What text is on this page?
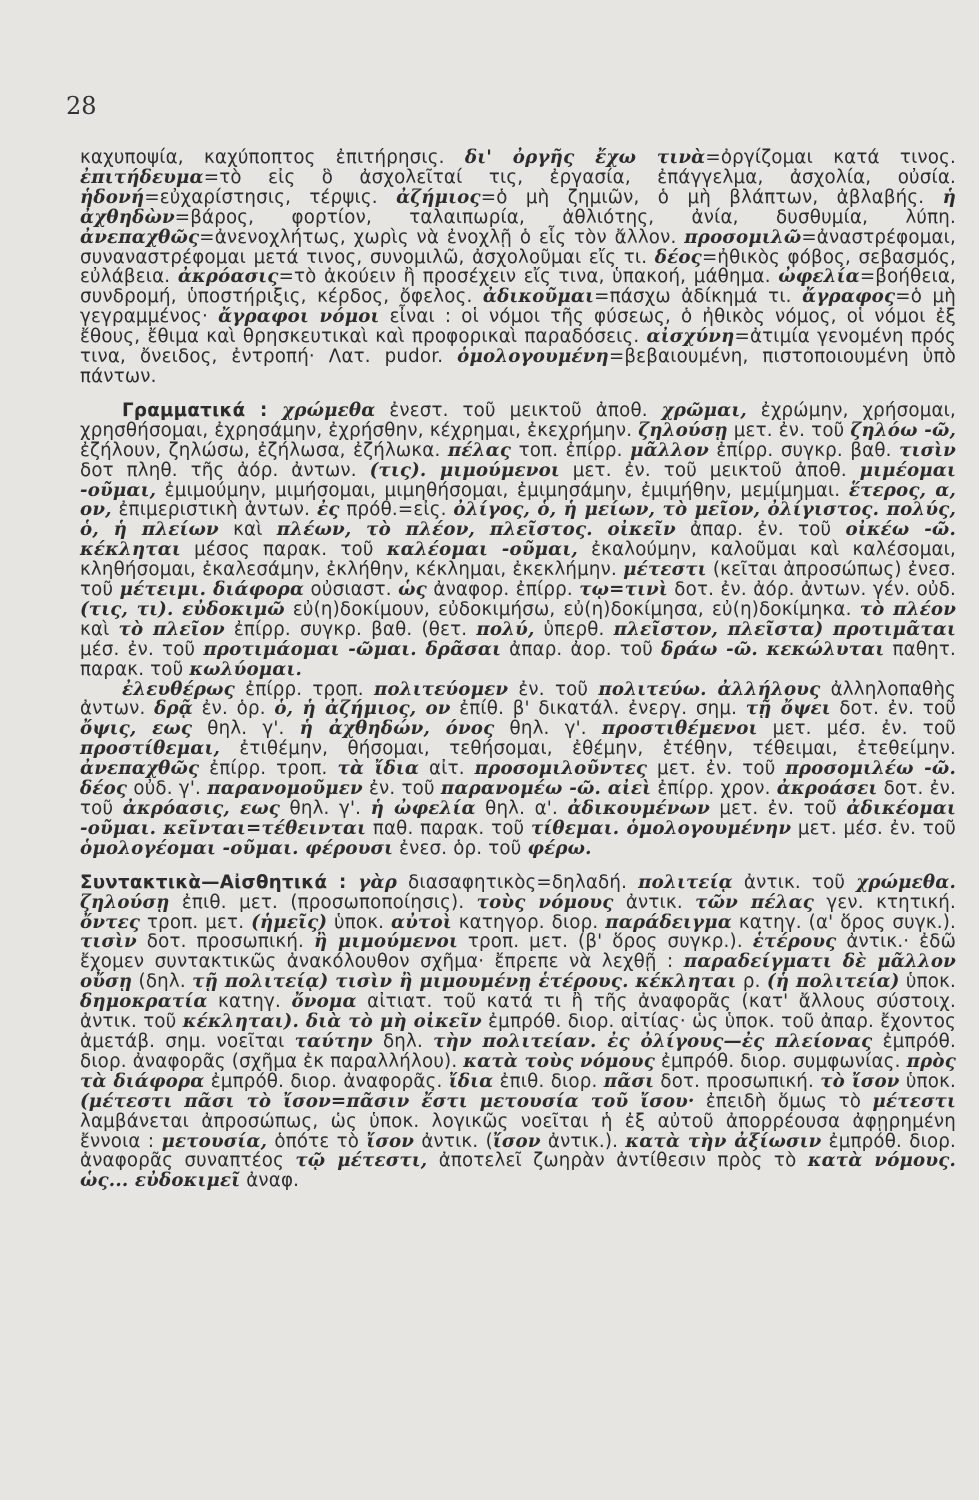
28

καχυποψία, καχύποπτος ἐπιτήρησις. δι' ὀργῆς ἔχω τινὰ=ὀργίζομαι κατά τινος. ἐπιτήδευμα=τὸ εἰς ὃ ἀσχολεῖταί τις, ἐργασία, ἐπάγγελμα, ἀσχολία, οὐσία. ἡδονή=εὐχαρίστησις, τέρψις. ἀζήμιος=ὁ μὴ ζημιῶν, ὁ μὴ βλάπτων, ἀβλαβής. ἡ ἀχθηδὼν=βάρος, φορτίον, ταλαιπωρία, ἀθλιότης, ἀνία, δυσθυμία, λύπη. ἀνεπαχθῶς=ἀνενοχλήτως, χωρὶς νὰ ἐνοχλῇ ὁ εἷς τὸν ἄλλον. προσομιλῶ=ἀναστρέφομαι, συναναστρέφομαι μετά τινος, συνομιλῶ, ἀσχολοῦμαι εἴς τι. δέος=ἠθικὸς φόβος, σεβασμός, εὐλάβεια. ἀκρόασις=τὸ ἀκούειν ἢ προσέχειν εἴς τινα, ὑπακοή, μάθημα. ὠφελία=βοήθεια, συνδρομή, ὑποστήριξις, κέρδος, ὄφελος. ἀδικοῦμαι=πάσχω ἀδίκημά τι. ἄγραφος=ὁ μὴ γεγραμμένος· ἄγραφοι νόμοι εἶναι : οἱ νόμοι τῆς φύσεως, ὁ ἠθικὸς νόμος, οἱ νόμοι ἐξ ἔθους, ἔθιμα καὶ θρησκευτικαὶ καὶ προφορικαὶ παραδόσεις. αἰσχύνη=ἀτιμία γενομένη πρός τινα, ὄνειδος, ἐντροπή· Λατ. pudor. ὁμολογουμένη=βεβαιουμένη, πιστοποιουμένη ὑπὸ πάντων.

Γραμματικά : χρώμεθα ἐνεστ. τοῦ μεικτοῦ ἀποθ. χρῶμαι, ἐχρώμην, χρήσομαι, χρησθήσομαι, ἐχρησάμην, ἐχρήσθην, κέχρημαι, ἐκεχρήμην. ζηλούσῃ μετ. ἐν. τοῦ ζηλόω -ῶ, ἐζήλουν, ζηλώσω, ἐζήλωσα, ἐζήλωκα. πέλας τοπ. ἐπίρρ. μᾶλλον ἐπίρρ. συγκρ. βαθ. τισὶν δοτ πληθ. τῆς ἀόρ. ἀντων. (τις). μιμούμενοι μετ. ἐν. τοῦ μεικτοῦ ἀποθ. μιμέομαι -οῦμαι, ἐμιμούμην, μιμήσομαι, μιμηθήσομαι, ἐμιμησάμην, ἐμιμήθην, μεμίμημαι. ἕτερος, α, ον, ἐπιμεριστικὴ ἀντων. ἐς πρόθ.=εἰς. ὀλίγος, ὁ, ἡ μείων, τὸ μεῖον, ὀλίγιστος. πολύς, ὁ, ἡ πλείων καὶ πλέων, τὸ πλέον, πλεῖστος. οἰκεῖν ἀπαρ. ἐν. τοῦ οἰκέω -ῶ. κέκληται μέσος παρακ. τοῦ καλέομαι -οῦμαι, ἐκαλούμην, καλοῦμαι καὶ καλέσομαι, κληθήσομαι, ἐκαλεσάμην, ἐκλήθην, κέκλημαι, ἐκεκλήμην. μέτεστι (κεῖται ἀπροσώπως) ἐνεσ. τοῦ μέτειμι. διάφορα οὐσιαστ. ὡς ἀναφορ. ἐπίρρ. τῳ=τινὶ δοτ. ἐν. ἀόρ. ἀντων. γέν. οὐδ. (τις, τι). εὐδοκιμῶ εὐ(η)δοκίμουν, εὐδοκιμήσω, εὐ(η)δοκίμησα, εὐ(η)δοκίμηκα. τὸ πλέον καὶ τὸ πλεῖον ἐπίρρ. συγκρ. βαθ. (θετ. πολύ, ὑπερθ. πλεῖστον, πλεῖστα) προτιμᾶται μέσ. ἐν. τοῦ προτιμάομαι -ῶμαι. δρᾶσαι ἀπαρ. ἀορ. τοῦ δράω -ῶ. κεκώλυται παθητ. παρακ. τοῦ κωλύομαι.

ἐλευθέρως ἐπίρρ. τροπ. πολιτεύομεν ἐν. τοῦ πολιτεύω. ἀλλήλους ἀλληλοπαθὴς ἀντων. δρᾷ ἐν. ὁρ. ὁ, ἡ ἀζήμιος, ον ἐπίθ. β' δικατάλ. ἐνεργ. σημ. τῇ ὄψει δοτ. ἐν. τοῦ ὄψις, εως θηλ. γ'. ἡ ἀχθηδών, όνος θηλ. γ'. προστιθέμενοι μετ. μέσ. ἐν. τοῦ προστίθεμαι, ἐτιθέμην, θήσομαι, τεθήσομαι, ἐθέμην, ἐτέθην, τέθειμαι, ἐτεθείμην. ἀνεπαχθῶς ἐπίρρ. τροπ. τὰ ἴδια αἰτ. προσομιλοῦντες μετ. ἐν. τοῦ προσομιλέω -ῶ. δέος οὐδ. γ'. παρανομοῦμεν ἐν. τοῦ παρανομέω -ῶ. αἰεὶ ἐπίρρ. χρον. ἀκροάσει δοτ. ἐν. τοῦ ἀκρόασις, εως θηλ. γ'. ἡ ὠφελία θηλ. α'. ἀδικουμένων μετ. ἐν. τοῦ ἀδικέομαι -οῦμαι. κεῖνται=τέθεινται παθ. παρακ. τοῦ τίθεμαι. ὁμολογουμένην μετ. μέσ. ἐν. τοῦ ὁμολογέομαι -οῦμαι. φέρουσι ἐνεσ. ὁρ. τοῦ φέρω.

Συντακτικὰ—Αἰσθητικά : γὰρ διασαφητικὸς=δηλαδή. πολιτείᾳ ἀντικ. τοῦ χρώμεθα. ζηλούσῃ ἐπιθ. μετ. (προσωποποίησις). τοὺς νόμους ἀντικ. τῶν πέλας γεν. κτητική. ὄντες τροπ. μετ. (ἡμεῖς) ὑποκ. αὐτοὶ κατηγορ. διορ. παράδειγμα κατηγ. (α' ὅρος συγκ.). τισὶν δοτ. προσωπική. ἢ μιμούμενοι τροπ. μετ. (β' ὅρος συγκρ.). ἑτέρους ἀντικ.· ἐδῶ ἔχομεν συντακτικῶς ἀνακόλουθον σχῆμα· ἔπρεπε νὰ λεχθῇ : παραδείγματι δὲ μᾶλλον οὔσῃ (δηλ. τῇ πολιτείᾳ) τισὶν ἢ μιμουμένῃ ἑτέρους. κέκληται ρ. (ἡ πολιτεία) ὑποκ. δημοκρατία κατηγ. ὄνομα αἰτιατ. τοῦ κατά τι ἢ τῆς ἀναφορᾶς (κατ' ἄλλους σύστοιχ. ἀντικ. τοῦ κέκληται). διὰ τὸ μὴ οἰκεῖν ἐμπρόθ. διορ. αἰτίας· ὡς ὑποκ. τοῦ ἀπαρ. ἔχοντος ἀμετάβ. σημ. νοεῖται ταύτην δηλ. τὴν πολιτείαν. ἐς ὀλίγους—ἐς πλείονας ἐμπρόθ. διορ. ἀναφορᾶς (σχῆμα ἐκ παραλλήλου). κατὰ τοὺς νόμους ἐμπρόθ. διορ. συμφωνίας. πρὸς τὰ διάφορα ἐμπρόθ. διορ. ἀναφορᾶς. ἴδια ἐπιθ. διορ. πᾶσι δοτ. προσωπική. τὸ ἴσον ὑποκ. (μέτεστι πᾶσι τὸ ἴσον=πᾶσιν ἔστι μετουσία τοῦ ἴσου· ἐπειδὴ ὅμως τὸ μέτεστι λαμβάνεται ἀπροσώπως, ὡς ὑποκ. λογικῶς νοεῖται ἡ ἐξ αὐτοῦ ἀπορρέουσα ἀφῃρημένη ἔννοια : μετουσία, ὁπότε τὸ ἴσον ἀντικ. (ἴσον ἀντικ.). κατὰ τὴν ἀξίωσιν ἐμπρόθ. διορ. ἀναφορᾶς συναπτέος τῷ μέτεστι, ἀποτελεῖ ζωηρὰν ἀντίθεσιν πρὸς τὸ κατὰ νόμους. ὡς... εὐδοκιμεῖ ἀναφ.
